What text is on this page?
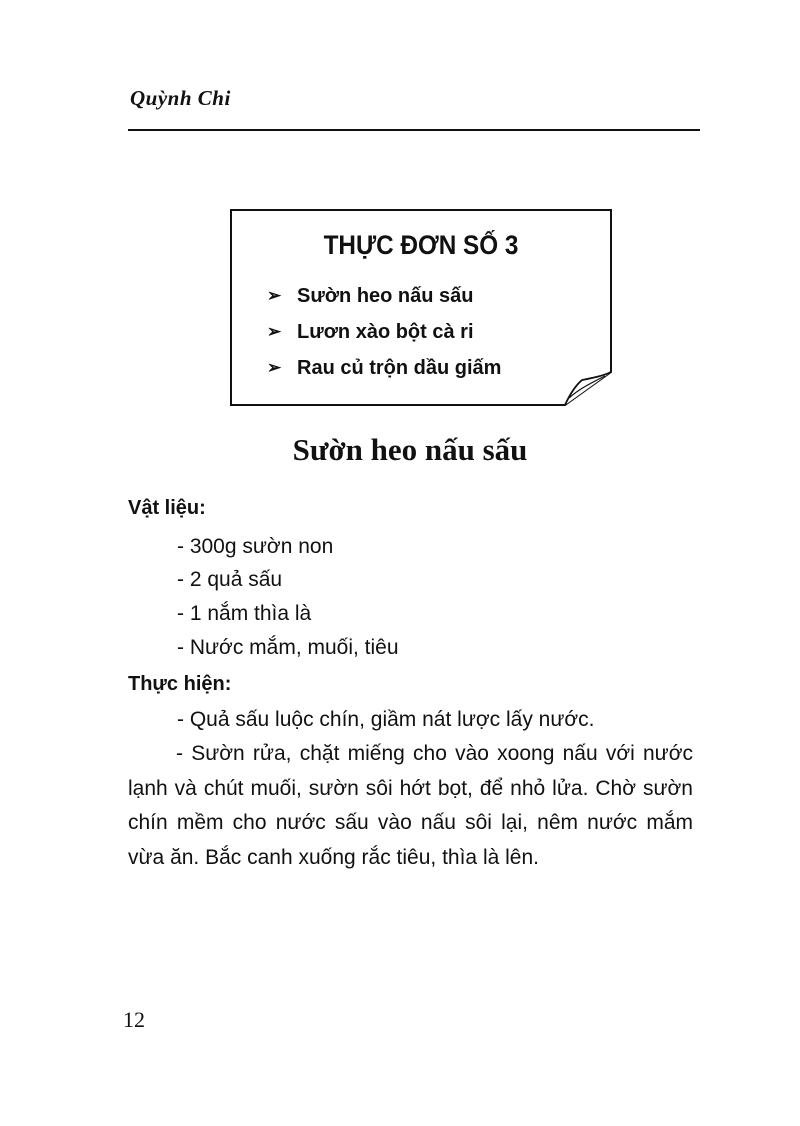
Quỳnh Chi
THỰC ĐƠN SỐ 3
➢ Sườn heo nấu sấu
➢ Lươn xào bột cà ri
➢ Rau củ trộn dầu giấm
Sườn heo nấu sấu
Vật liệu:
- 300g sườn non
- 2 quả sấu
- 1 nắm thìa là
- Nước mắm, muối, tiêu
Thực hiện:
- Quả sấu luộc chín, giầm nát lược lấy nước.
- Sườn rửa, chặt miếng cho vào xoong nấu với nước lạnh và chút muối, sườn sôi hớt bọt, để nhỏ lửa. Chờ sườn chín mềm cho nước sấu vào nấu sôi lại, nêm nước mắm vừa ăn. Bắc canh xuống rắc tiêu, thìa là lên.
12
